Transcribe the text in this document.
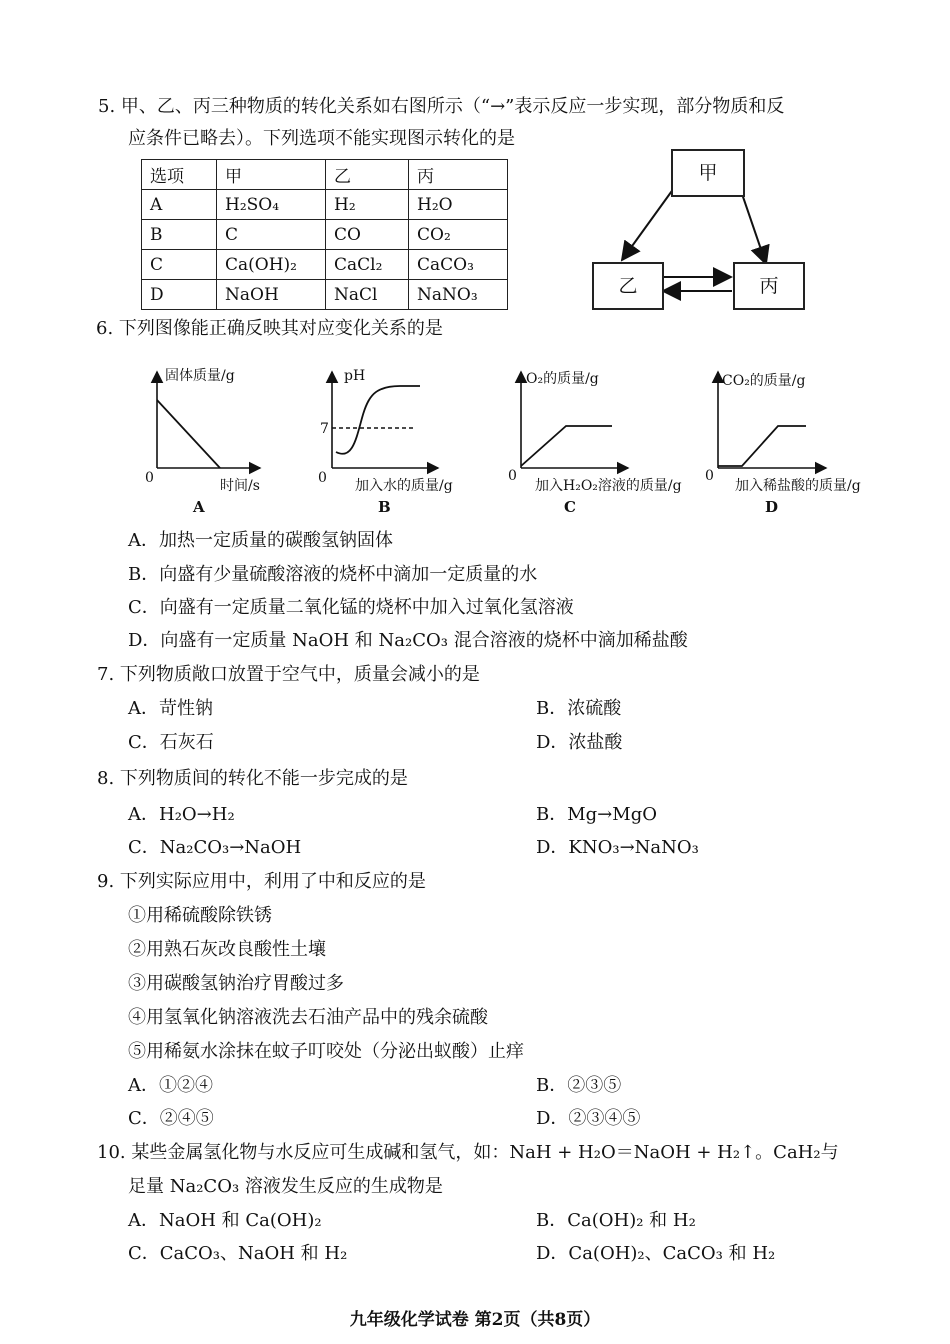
5. 甲、乙、丙三种物质的转化关系如右图所示（“→”表示反应一步实现，部分物质和反
应条件已略去）。下列选项不能实现图示转化的是
选项	甲	乙	丙
A	H₂SO₄	H₂	H₂O
B	C	CO	CO₂
C	Ca(OH)₂	CaCl₂	CaCO₃
D	NaOH	NaCl	NaNO₃
甲
乙	丙
6. 下列图像能正确反映其对应变化关系的是
固体质量/g
时间/s
0
A
pH
7
加入水的质量/g
0
B
O₂的质量/g
加入H₂O₂溶液的质量/g
0
C
CO₂的质量/g
加入稀盐酸的质量/g
0
D
A．加热一定质量的碳酸氢钠固体
B．向盛有少量硫酸溶液的烧杯中滴加一定质量的水
C．向盛有一定质量二氧化锰的烧杯中加入过氧化氢溶液
D．向盛有一定质量 NaOH 和 Na₂CO₃ 混合溶液的烧杯中滴加稀盐酸
7. 下列物质敞口放置于空气中，质量会减小的是
A．苛性钠	B．浓硫酸
C．石灰石	D．浓盐酸
8. 下列物质间的转化不能一步完成的是
A．H₂O→H₂	B．Mg→MgO
C．Na₂CO₃→NaOH	D．KNO₃→NaNO₃
9. 下列实际应用中，利用了中和反应的是
①用稀硫酸除铁锈
②用熟石灰改良酸性土壤
③用碳酸氢钠治疗胃酸过多
④用氢氧化钠溶液洗去石油产品中的残余硫酸
⑤用稀氨水涂抹在蚊子叮咬处（分泌出蚁酸）止痒
A．①②④	B．②③⑤
C．②④⑤	D．②③④⑤
10. 某些金属氢化物与水反应可生成碱和氢气，如：NaH + H₂O＝NaOH + H₂↑。CaH₂与
足量 Na₂CO₃ 溶液发生反应的生成物是
A．NaOH 和 Ca(OH)₂	B．Ca(OH)₂ 和 H₂
C．CaCO₃、NaOH 和 H₂	D．Ca(OH)₂、CaCO₃ 和 H₂
九年级化学试卷 第2页（共8页）
